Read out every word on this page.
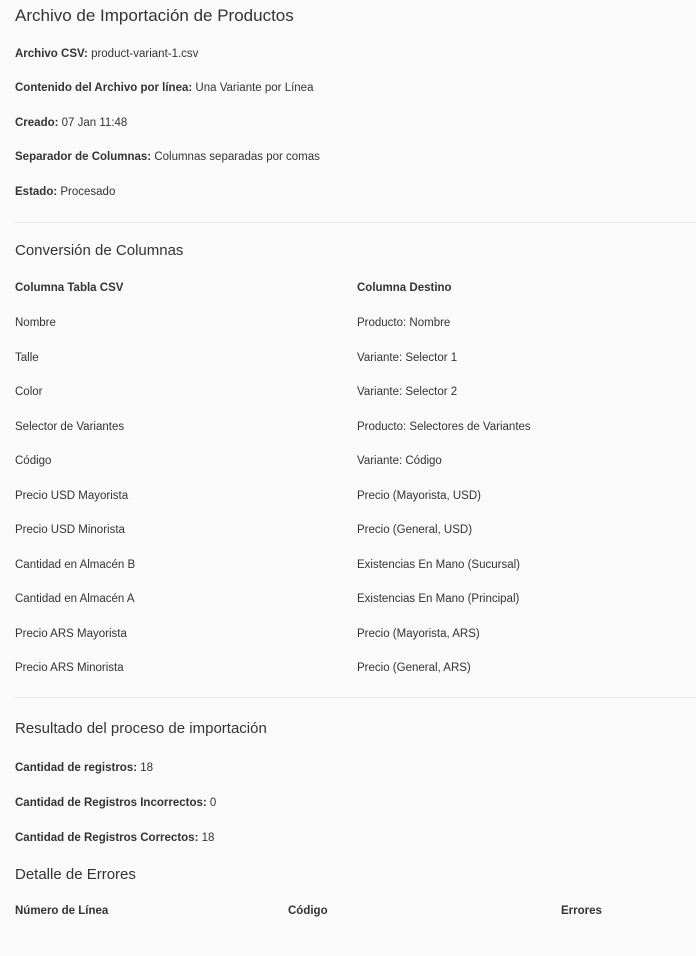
Archivo de Importación de Productos
Archivo CSV: product-variant-1.csv
Contenido del Archivo por línea: Una Variante por Línea
Creado: 07 Jan 11:48
Separador de Columnas: Columnas separadas por comas
Estado: Procesado
Conversión de Columnas
Columna Tabla CSV	Columna Destino
Nombre	Producto: Nombre
Talle	Variante: Selector 1
Color	Variante: Selector 2
Selector de Variantes	Producto: Selectores de Variantes
Código	Variante: Código
Precio USD Mayorista	Precio (Mayorista, USD)
Precio USD Minorista	Precio (General, USD)
Cantidad en Almacén B	Existencias En Mano (Sucursal)
Cantidad en Almacén A	Existencias En Mano (Principal)
Precio ARS Mayorista	Precio (Mayorista, ARS)
Precio ARS Minorista	Precio (General, ARS)
Resultado del proceso de importación
Cantidad de registros: 18
Cantidad de Registros Incorrectos: 0
Cantidad de Registros Correctos: 18
Detalle de Errores
Número de Línea	Código	Errores
